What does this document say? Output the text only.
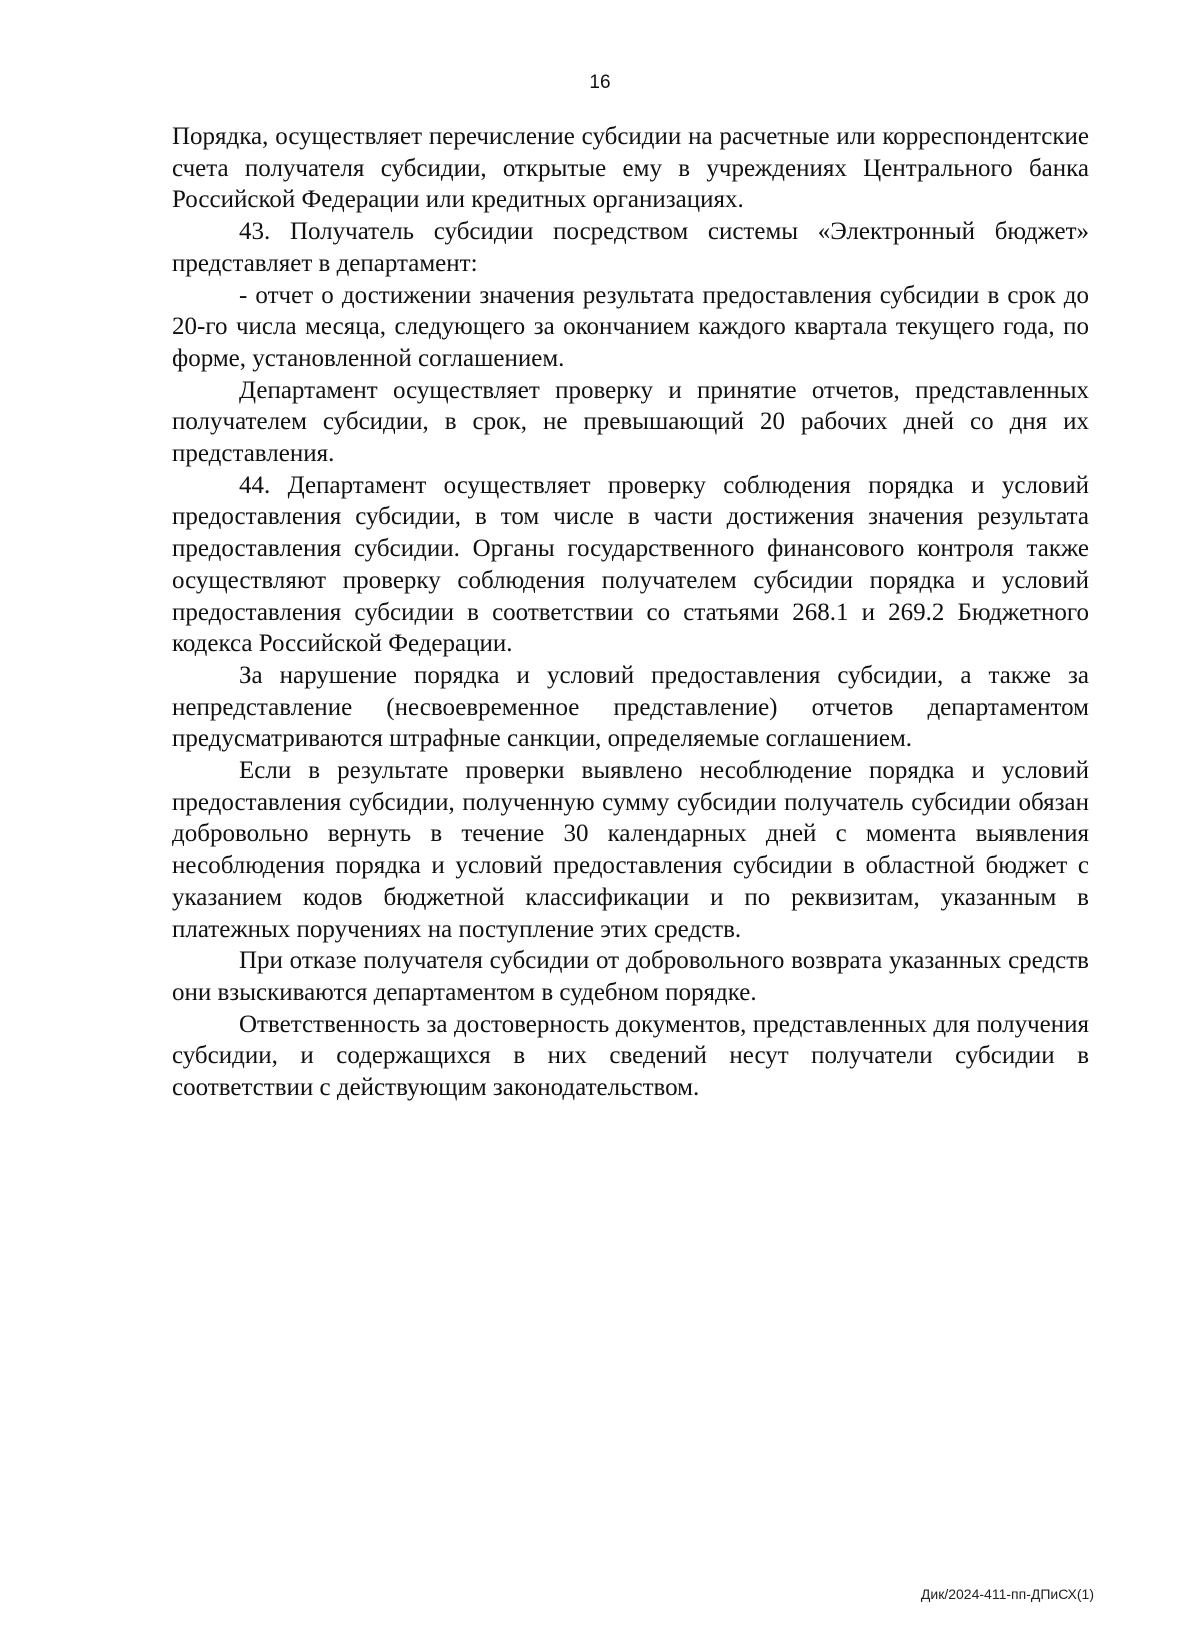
16

Порядка, осуществляет перечисление субсидии на расчетные или корреспондентские счета получателя субсидии, открытые ему в учреждениях Центрального банка Российской Федерации или кредитных организациях.

43. Получатель субсидии посредством системы «Электронный бюджет» представляет в департамент:

- отчет о достижении значения результата предоставления субсидии в срок до 20-го числа месяца, следующего за окончанием каждого квартала текущего года, по форме, установленной соглашением.

Департамент осуществляет проверку и принятие отчетов, представленных получателем субсидии, в срок, не превышающий 20 рабочих дней со дня их представления.

44. Департамент осуществляет проверку соблюдения порядка и условий предоставления субсидии, в том числе в части достижения значения результата предоставления субсидии. Органы государственного финансового контроля также осуществляют проверку соблюдения получателем субсидии порядка и условий предоставления субсидии в соответствии со статьями 268.1 и 269.2 Бюджетного кодекса Российской Федерации.

За нарушение порядка и условий предоставления субсидии, а также за непредставление (несвоевременное представление) отчетов департаментом предусматриваются штрафные санкции, определяемые соглашением.

Если в результате проверки выявлено несоблюдение порядка и условий предоставления субсидии, полученную сумму субсидии получатель субсидии обязан добровольно вернуть в течение 30 календарных дней с момента выявления несоблюдения порядка и условий предоставления субсидии в областной бюджет с указанием кодов бюджетной классификации и по реквизитам, указанным в платежных поручениях на поступление этих средств.

При отказе получателя субсидии от добровольного возврата указанных средств они взыскиваются департаментом в судебном порядке.

Ответственность за достоверность документов, представленных для получения субсидии, и содержащихся в них сведений несут получатели субсидии в соответствии с действующим законодательством.

Дик/2024-411-пп-ДПиСХ(1)
